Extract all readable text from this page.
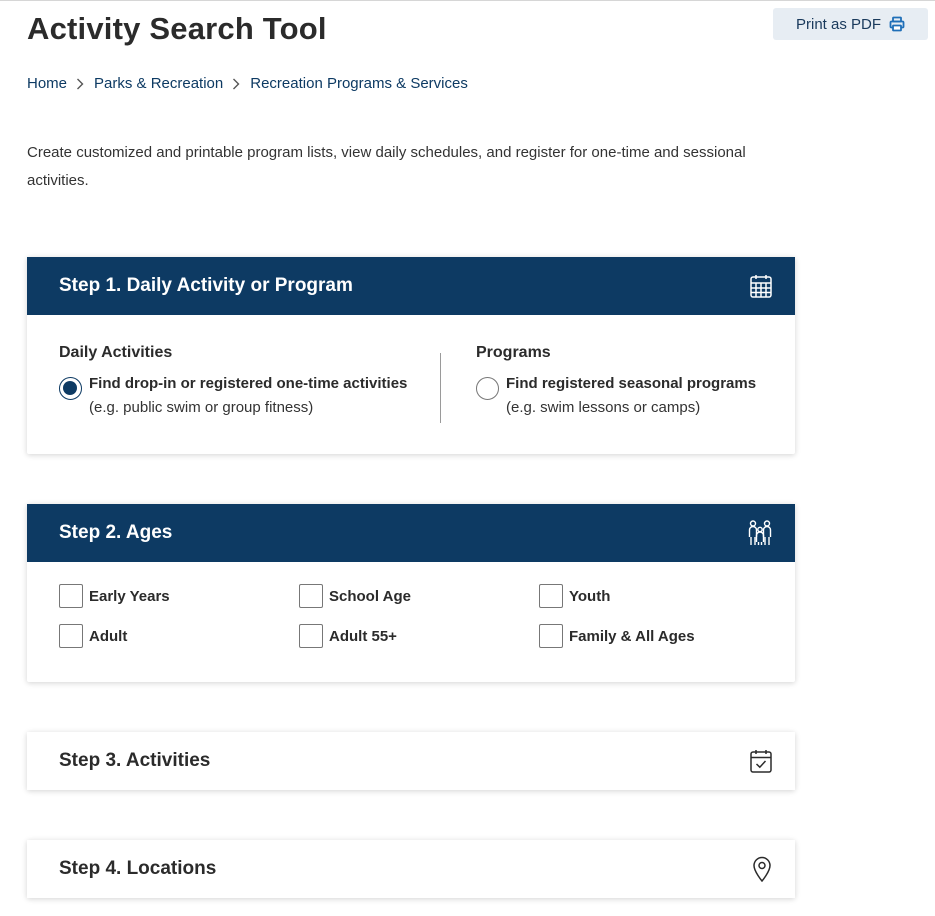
Activity Search Tool	Print as PDF
Home Parks & Recreation Recreation Programs & Services

Create customized and printable program lists, view daily schedules, and register for one-time and sessional activities.

Step 1. Daily Activity or Program
Daily Activities
Find drop-in or registered one-time activities
(e.g. public swim or group fitness)
Programs
Find registered seasonal programs
(e.g. swim lessons or camps)
Step 2. Ages
Early Years	School Age	Youth
Adult	Adult 55+	Family & All Ages
Step 3. Activities
Step 4. Locations
